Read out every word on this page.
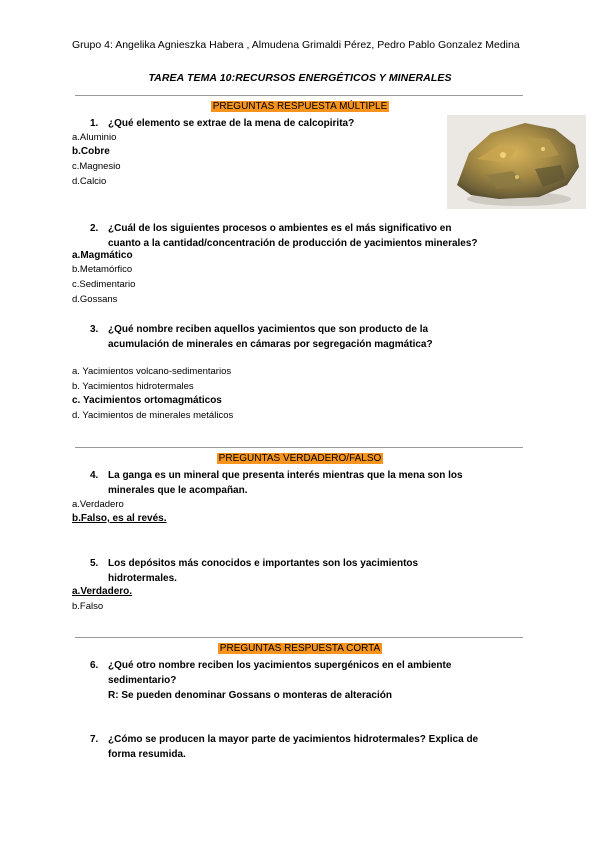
Grupo 4: Angelika Agnieszka Habera , Almudena Grimaldi Pérez, Pedro Pablo Gonzalez Medina
TAREA TEMA 10:RECURSOS ENERGÉTICOS Y MINERALES
PREGUNTAS RESPUESTA MÚLTIPLE
1. ¿Qué elemento se extrae de la mena de calcopirita?
a.Aluminio
b.Cobre
c.Magnesio
d.Calcio
2. ¿Cuál de los siguientes procesos o ambientes es el más significativo en
cuanto a la cantidad/concentración de producción de yacimientos minerales?
a.Magmático
b.Metamórfico
c.Sedimentario
d.Gossans
3. ¿Qué nombre reciben aquellos yacimientos que son producto de la
acumulación de minerales en cámaras por segregación magmática?
a. Yacimientos volcano-sedimentarios
b. Yacimientos hidrotermales
c. Yacimientos ortomagmáticos
d. Yacimientos de minerales metálicos
PREGUNTAS VERDADERO/FALSO
4. La ganga es un mineral que presenta interés mientras que la mena son los
minerales que le acompañan.
a.Verdadero
b.Falso, es al revés.
5. Los depósitos más conocidos e importantes son los yacimientos
hidrotermales.
a.Verdadero.
b.Falso
PREGUNTAS RESPUESTA CORTA
6. ¿Qué otro nombre reciben los yacimientos supergénicos en el ambiente
sedimentario?
R: Se pueden denominar Gossans o monteras de alteración
7. ¿Cómo se producen la mayor parte de yacimientos hidrotermales? Explica de
forma resumida.
